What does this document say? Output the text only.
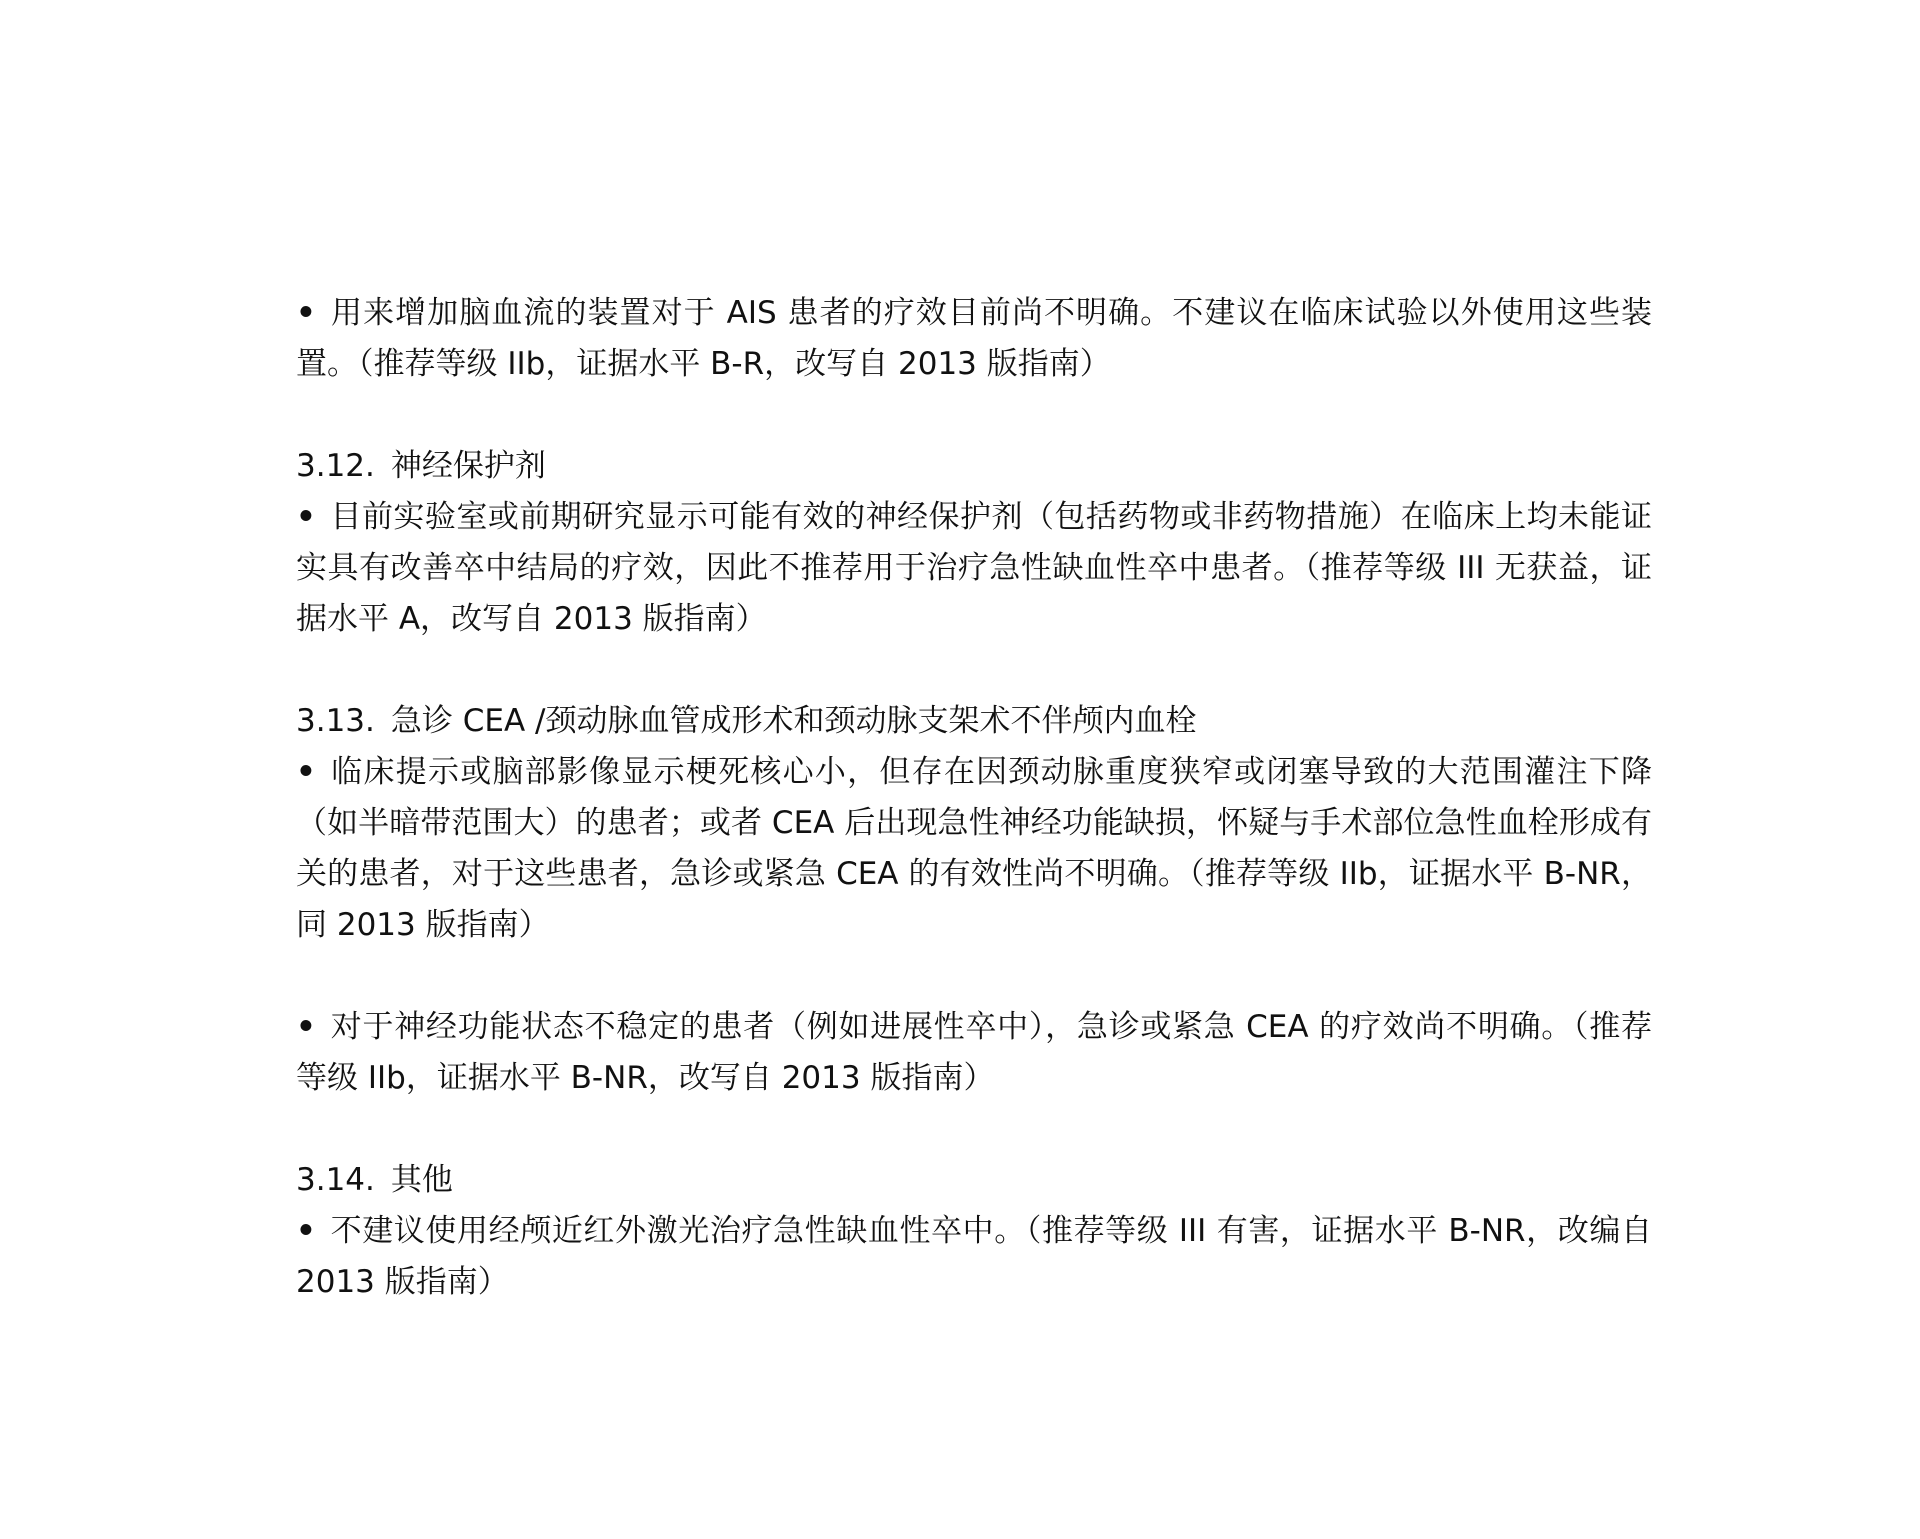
• 用来增加脑血流的装置对于 AIS 患者的疗效目前尚不明确。不建议在临床试验以外使用这些装置。（推荐等级 IIb，证据水平 B-R，改写自 2013 版指南）

3.12. 神经保护剂

• 目前实验室或前期研究显示可能有效的神经保护剂（包括药物或非药物措施）在临床上均未能证实具有改善卒中结局的疗效，因此不推荐用于治疗急性缺血性卒中患者。（推荐等级 III 无获益，证据水平 A，改写自 2013 版指南）

3.13. 急诊 CEA /颈动脉血管成形术和颈动脉支架术不伴颅内血栓

• 临床提示或脑部影像显示梗死核心小，但存在因颈动脉重度狭窄或闭塞导致的大范围灌注下降（如半暗带范围大）的患者；或者 CEA 后出现急性神经功能缺损，怀疑与手术部位急性血栓形成有关的患者，对于这些患者，急诊或紧急 CEA 的有效性尚不明确。（推荐等级 IIb，证据水平 B-NR，同 2013 版指南）

• 对于神经功能状态不稳定的患者（例如进展性卒中），急诊或紧急 CEA 的疗效尚不明确。（推荐等级 IIb，证据水平 B-NR，改写自 2013 版指南）

3.14. 其他

• 不建议使用经颅近红外激光治疗急性缺血性卒中。（推荐等级 III 有害，证据水平 B-NR，改编自 2013 版指南）
